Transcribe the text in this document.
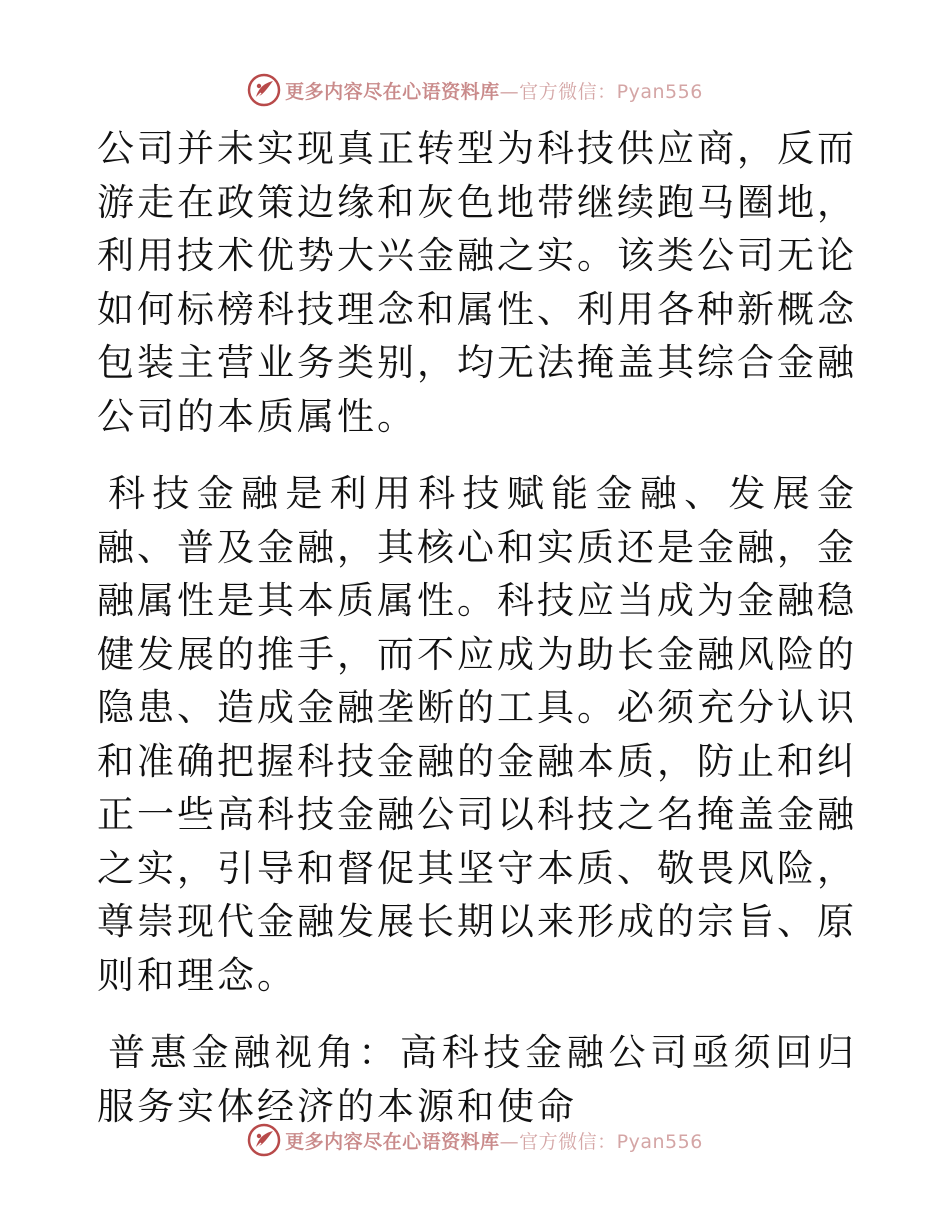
更多内容尽在心语资料库—官方微信：Pyan556

公司并未实现真正转型为科技供应商，反而游走在政策边缘和灰色地带继续跑马圈地，利用技术优势大兴金融之实。该类公司无论如何标榜科技理念和属性、利用各种新概念包装主营业务类别，均无法掩盖其综合金融公司的本质属性。

科技金融是利用科技赋能金融、发展金融、普及金融，其核心和实质还是金融，金融属性是其本质属性。科技应当成为金融稳健发展的推手，而不应成为助长金融风险的隐患、造成金融垄断的工具。必须充分认识和准确把握科技金融的金融本质，防止和纠正一些高科技金融公司以科技之名掩盖金融之实，引导和督促其坚守本质、敬畏风险，尊崇现代金融发展长期以来形成的宗旨、原则和理念。

普惠金融视角：高科技金融公司亟须回归服务实体经济的本源和使命

更多内容尽在心语资料库—官方微信：Pyan556
